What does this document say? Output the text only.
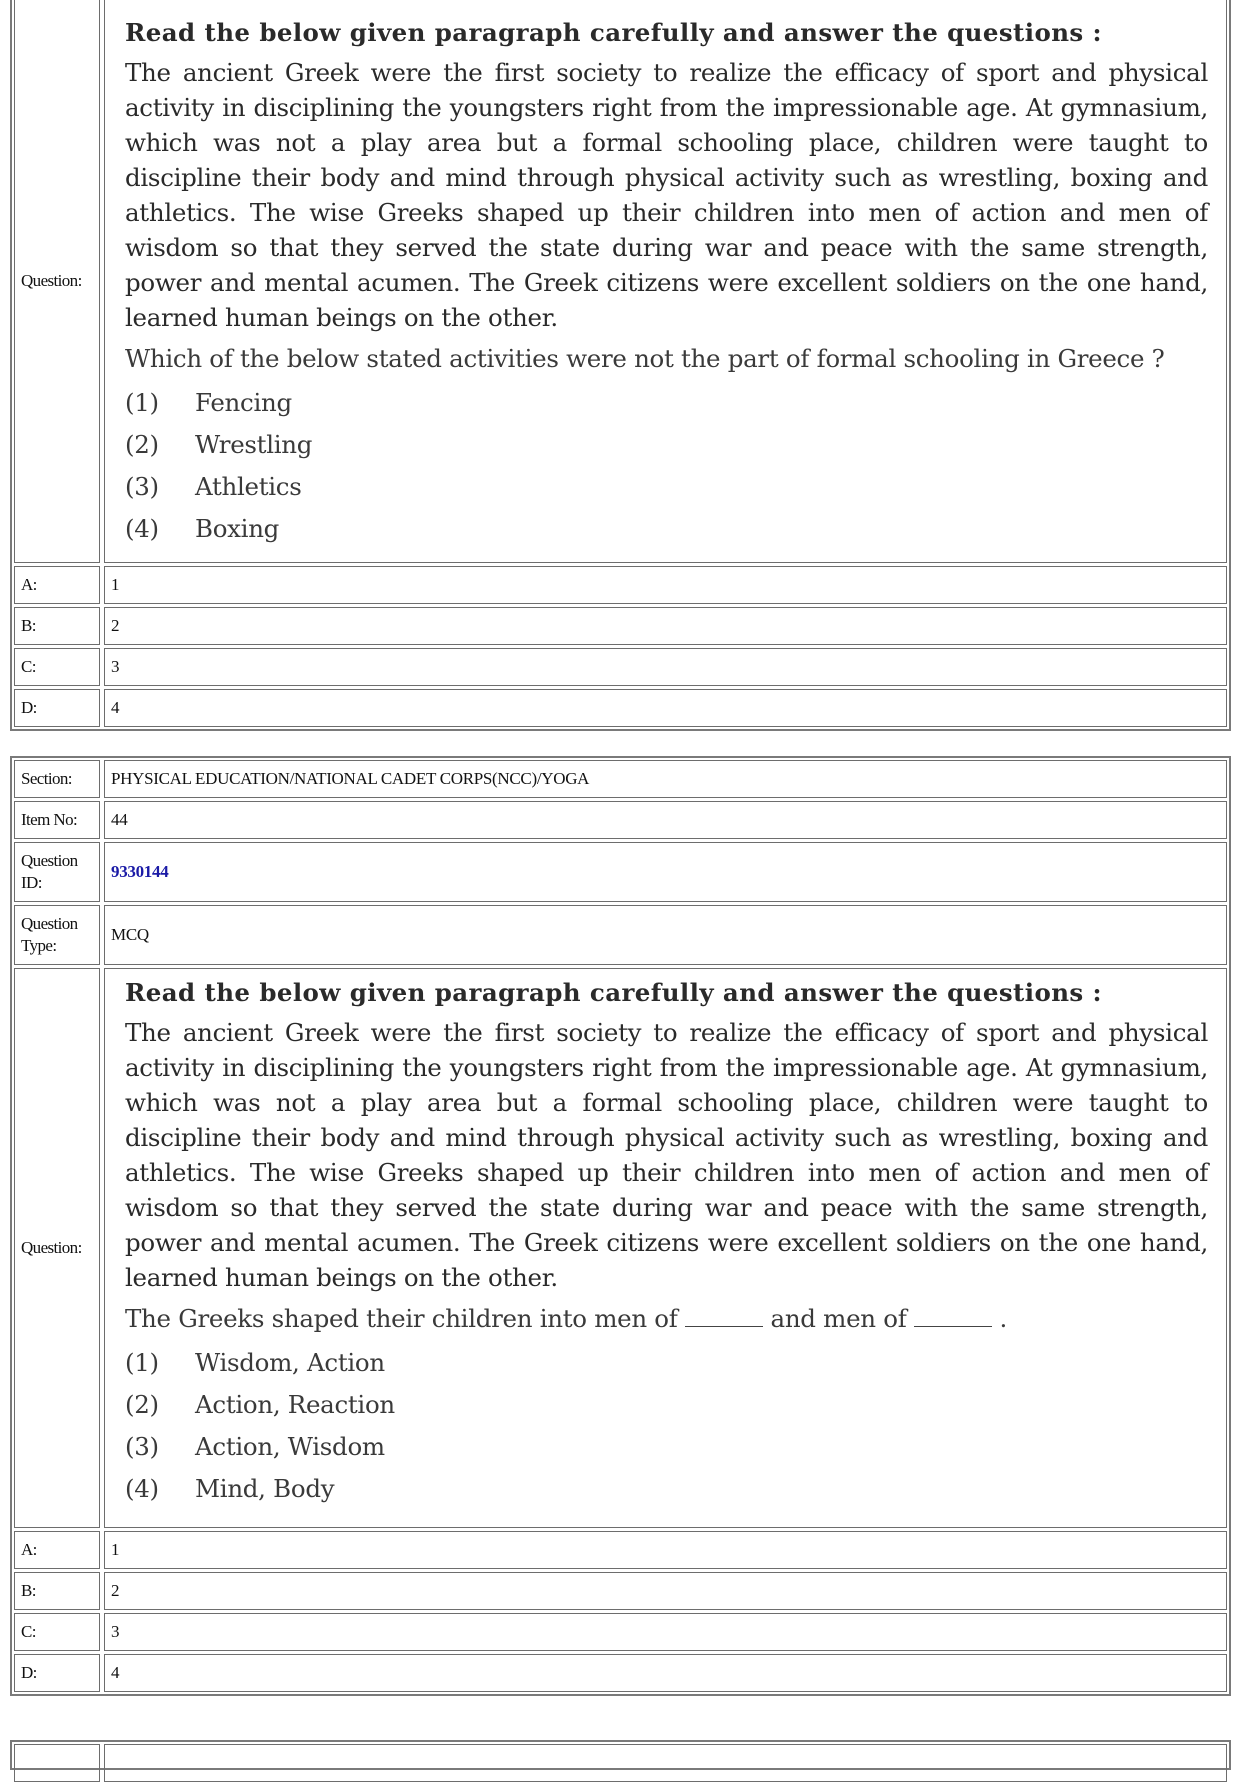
Question:
Read the below given paragraph carefully and answer the questions :
The ancient Greek were the first society to realize the efficacy of sport and physical activity in disciplining the youngsters right from the impressionable age. At gymnasium, which was not a play area but a formal schooling place, children were taught to discipline their body and mind through physical activity such as wrestling, boxing and athletics. The wise Greeks shaped up their children into men of action and men of wisdom so that they served the state during war and peace with the same strength, power and mental acumen. The Greek citizens were excellent soldiers on the one hand, learned human beings on the other.
Which of the below stated activities were not the part of formal schooling in Greece ?
(1)	Fencing
(2)	Wrestling
(3)	Athletics
(4)	Boxing
A:	1
B:	2
C:	3
D:	4
Section:	PHYSICAL EDUCATION/NATIONAL CADET CORPS(NCC)/YOGA
Item No:	44
Question ID:
9330144
Question Type:
MCQ
Question:
Read the below given paragraph carefully and answer the questions :
The ancient Greek were the first society to realize the efficacy of sport and physical activity in disciplining the youngsters right from the impressionable age. At gymnasium, which was not a play area but a formal schooling place, children were taught to discipline their body and mind through physical activity such as wrestling, boxing and athletics. The wise Greeks shaped up their children into men of action and men of wisdom so that they served the state during war and peace with the same strength, power and mental acumen. The Greek citizens were excellent soldiers on the one hand, learned human beings on the other.
The Greeks shaped their children into men of	and men of	.
(1)	Wisdom, Action
(2)	Action, Reaction
(3)	Action, Wisdom
(4)	Mind, Body
A:	1
B:	2
C:	3
D:	4
